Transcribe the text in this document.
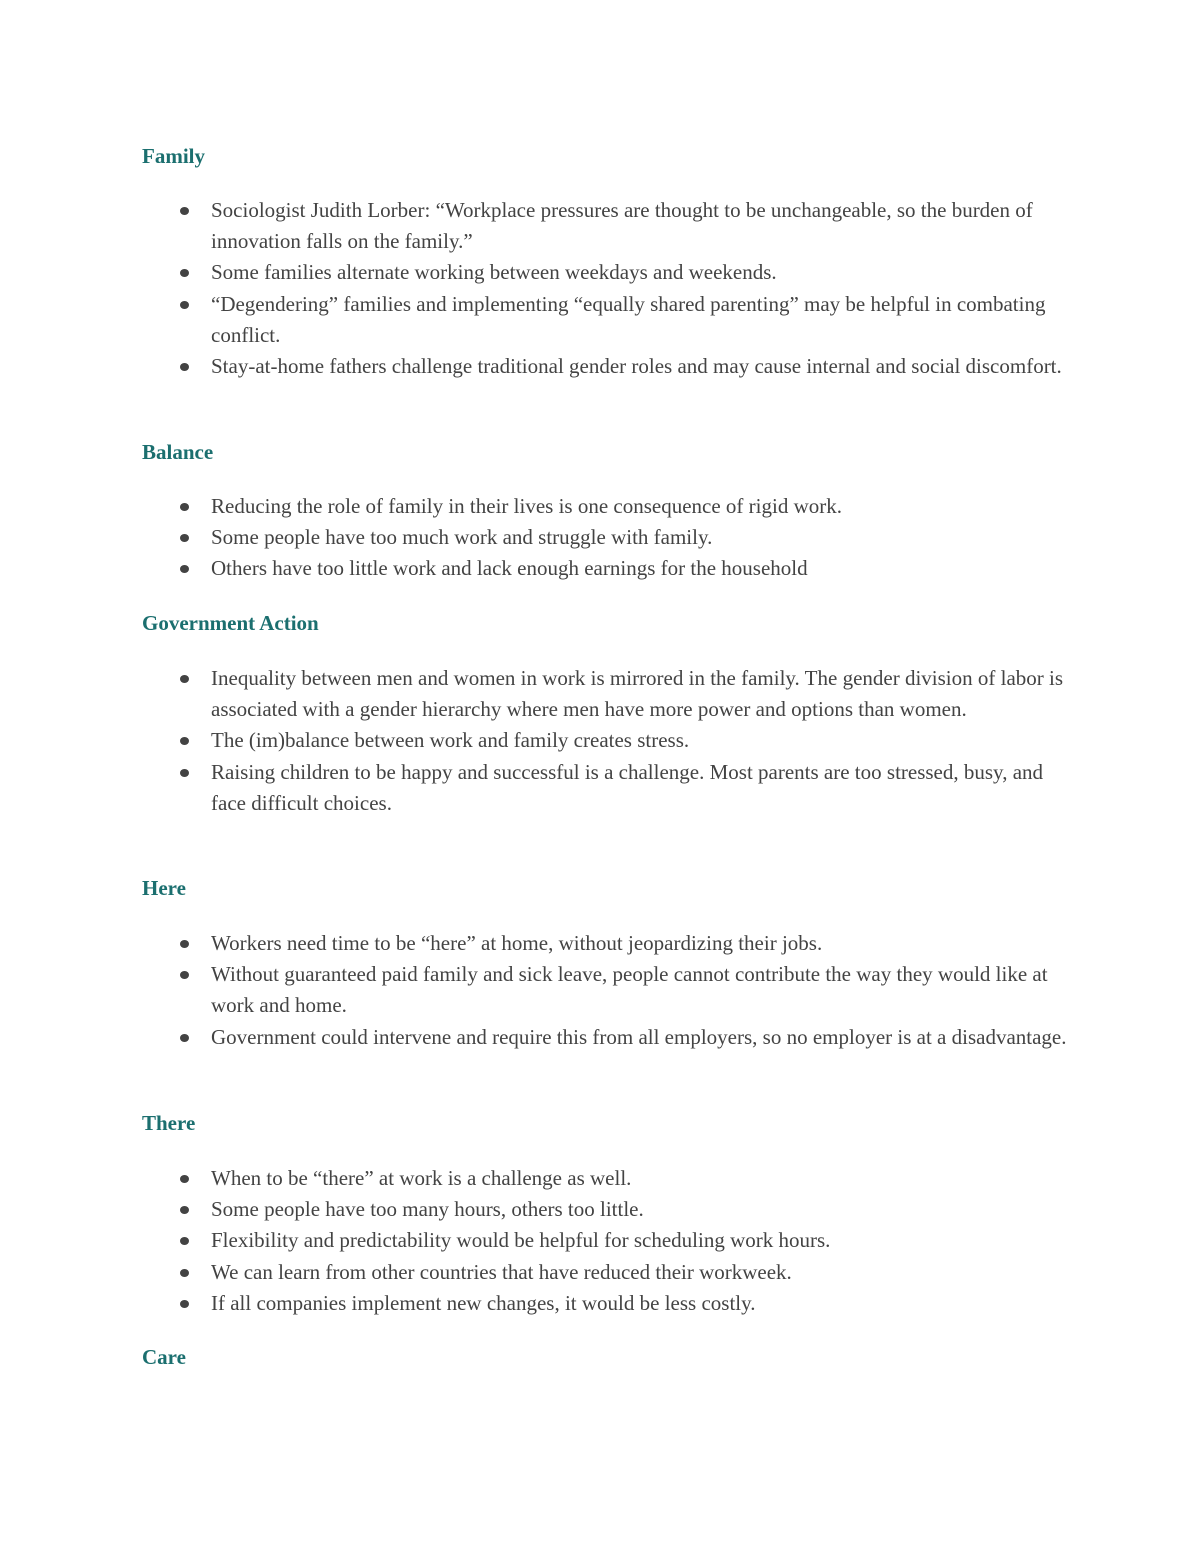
Family
Sociologist Judith Lorber: “Workplace pressures are thought to be unchangeable, so the burden of innovation falls on the family.”
Some families alternate working between weekdays and weekends.
“Degendering” families and implementing “equally shared parenting” may be helpful in combating conflict.
Stay-at-home fathers challenge traditional gender roles and may cause internal and social discomfort.
Balance
Reducing the role of family in their lives is one consequence of rigid work.
Some people have too much work and struggle with family.
Others have too little work and lack enough earnings for the household
Government Action
Inequality between men and women in work is mirrored in the family. The gender division of labor is associated with a gender hierarchy where men have more power and options than women.
The (im)balance between work and family creates stress.
Raising children to be happy and successful is a challenge. Most parents are too stressed, busy, and face difficult choices.
Here
Workers need time to be “here” at home, without jeopardizing their jobs.
Without guaranteed paid family and sick leave, people cannot contribute the way they would like at work and home.
Government could intervene and require this from all employers, so no employer is at a disadvantage.
There
When to be “there” at work is a challenge as well.
Some people have too many hours, others too little.
Flexibility and predictability would be helpful for scheduling work hours.
We can learn from other countries that have reduced their workweek.
If all companies implement new changes, it would be less costly.
Care
